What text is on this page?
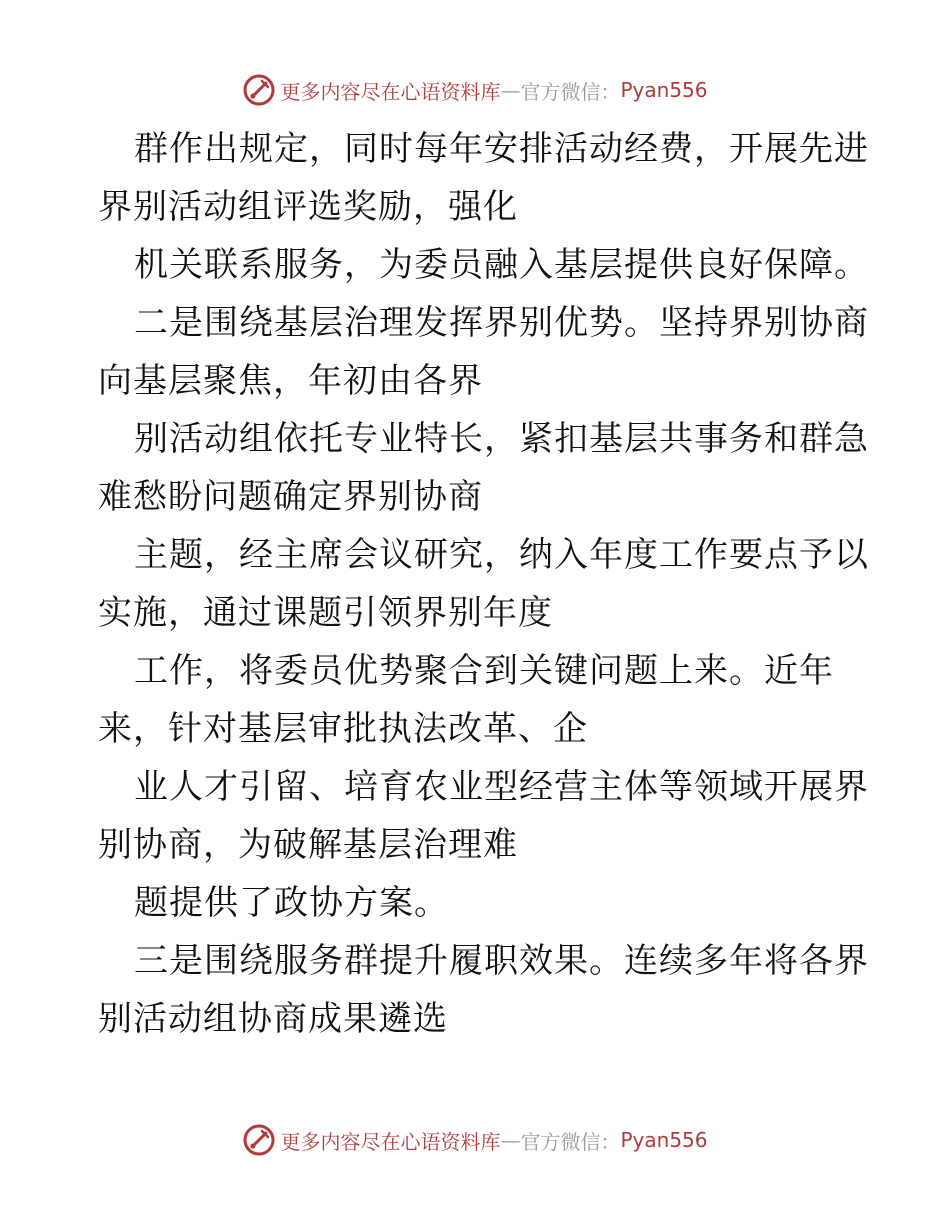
更多内容尽在心语资料库 — 官方微信： Pyan556
群作出规定，同时每年安排活动经费，开展先进
界别活动组评选奖励，强化
机关联系服务，为委员融入基层提供良好保障。
二是围绕基层治理发挥界别优势。坚持界别协商
向基层聚焦，年初由各界
别活动组依托专业特长，紧扣基层共事务和群急
难愁盼问题确定界别协商
主题，经主席会议研究，纳入年度工作要点予以
实施，通过课题引领界别年度
工作，将委员优势聚合到关键问题上来。近年
来，针对基层审批执法改革、企
业人才引留、培育农业型经营主体等领域开展界
别协商，为破解基层治理难
题提供了政协方案。
三是围绕服务群提升履职效果。连续多年将各界
别活动组协商成果遴选
更多内容尽在心语资料库 — 官方微信： Pyan556
